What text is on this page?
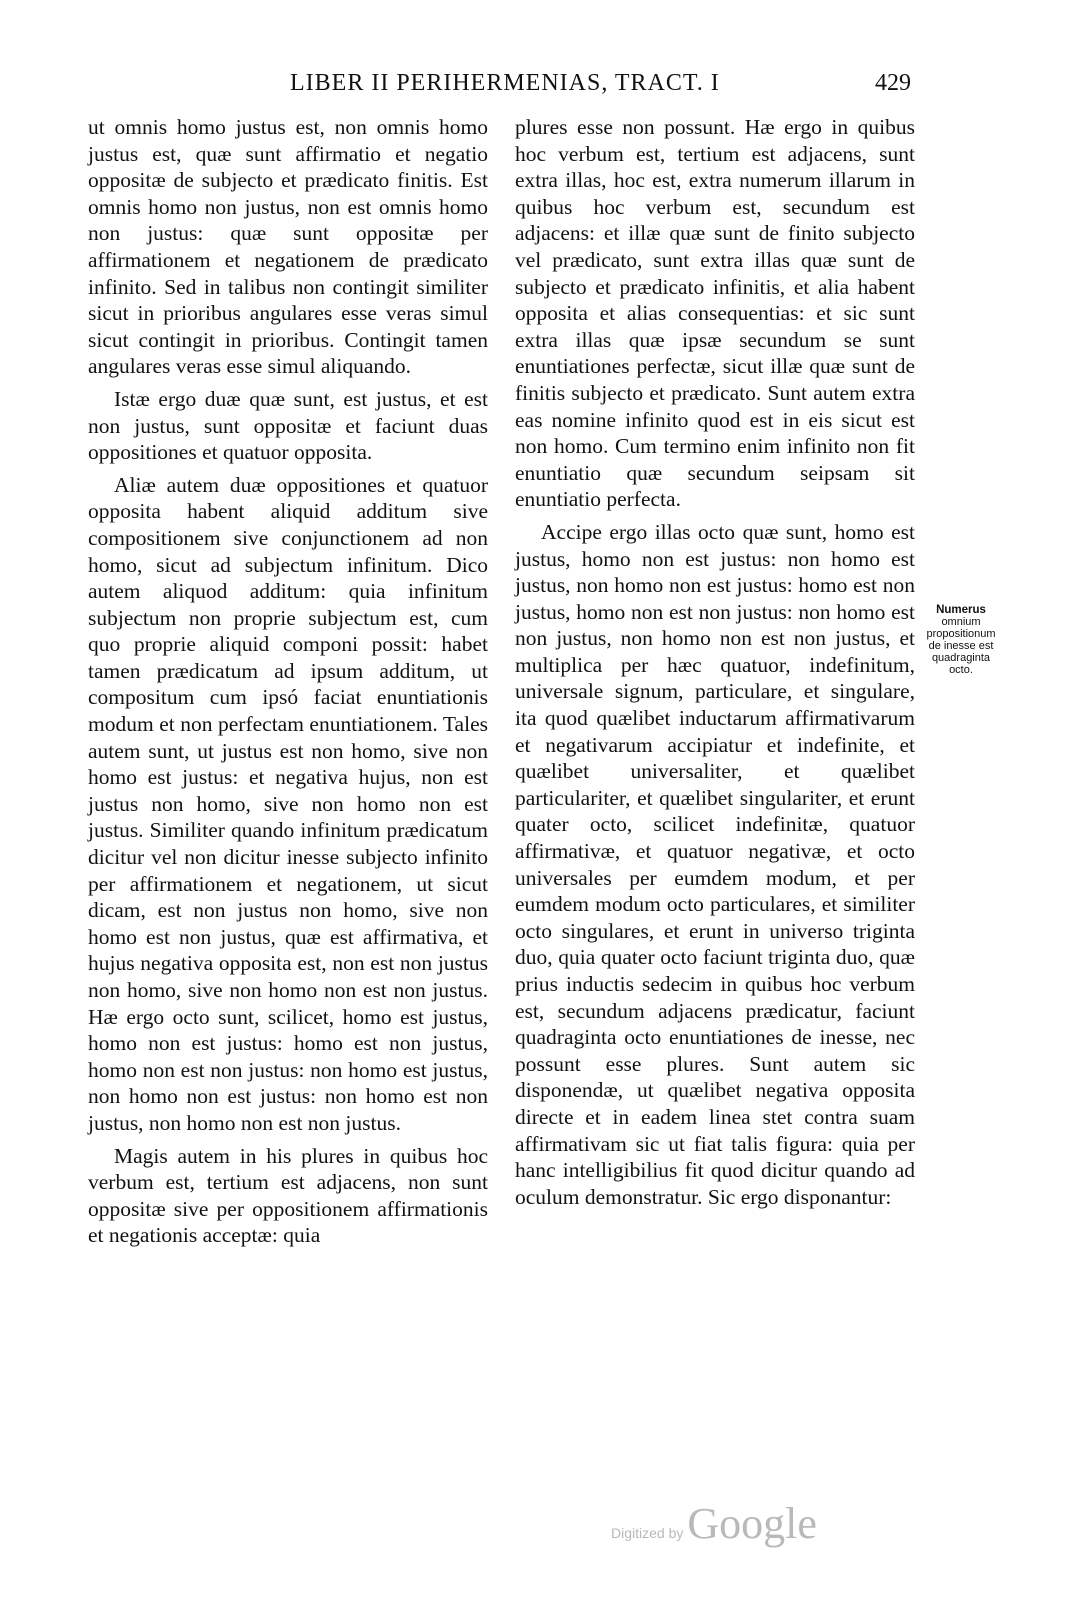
LIBER II PERIHERMENIAS, TRACT. I	429

ut omnis homo justus est, non omnis homo justus est, quæ sunt affirmatio et negatio oppositæ de subjecto et prædicato finitis. Est omnis homo non justus, non est omnis homo non justus: quæ sunt oppositæ per affirmationem et negationem de prædicato infinito. Sed in talibus non contingit similiter sicut in prioribus angulares esse veras simul sicut contingit in prioribus. Contingit tamen angulares veras esse simul aliquando.

Istæ ergo duæ quæ sunt, est justus, et est non justus, sunt oppositæ et faciunt duas oppositiones et quatuor opposita.

Aliæ autem duæ oppositiones et quatuor opposita habent aliquid additum sive compositionem sive conjunctionem ad non homo, sicut ad subjectum infinitum. Dico autem aliquod additum: quia infinitum subjectum non proprie subjectum est, cum quo proprie aliquid componi possit: habet tamen prædicatum ad ipsum additum, ut compositum cum ipsó faciat enuntiationis modum et non perfectam enuntiationem. Tales autem sunt, ut justus est non homo, sive non homo est justus: et negativa hujus, non est justus non homo, sive non homo non est justus. Similiter quando infinitum prædicatum dicitur vel non dicitur inesse subjecto infinito per affirmationem et negationem, ut sicut dicam, est non justus non homo, sive non homo est non justus, quæ est affirmativa, et hujus negativa opposita est, non est non justus non homo, sive non homo non est non justus. Hæ ergo octo sunt, scilicet, homo est justus, homo non est justus: homo est non justus, homo non est non justus: non homo est justus, non homo non est justus: non homo est non justus, non homo non est non justus.

Magis autem in his plures in quibus hoc verbum est, tertium est adjacens, non sunt oppositæ sive per oppositionem affirmationis et negationis acceptæ: quia

plures esse non possunt. Hæ ergo in quibus hoc verbum est, tertium est adjacens, sunt extra illas, hoc est, extra numerum illarum in quibus hoc verbum est, secundum est adjacens: et illæ quæ sunt de finito subjecto vel prædicato, sunt extra illas quæ sunt de subjecto et prædicato infinitis, et alia habent opposita et alias consequentias: et sic sunt extra illas quæ ipsæ secundum se sunt enuntiationes perfectæ, sicut illæ quæ sunt de finitis subjecto et prædicato. Sunt autem extra eas nomine infinito quod est in eis sicut est non homo. Cum termino enim infinito non fit enuntiatio quæ secundum seipsam sit enuntiatio perfecta.

Accipe ergo illas octo quæ sunt, homo est justus, homo non est justus: non homo est justus, non homo non est justus: homo est non justus, homo non est non justus: non homo est non justus, non homo non est non justus, et multiplica per hæc quatuor, indefinitum, universale signum, particulare, et singulare, ita quod quælibet inductarum affirmativarum et negativarum accipiatur et indefinite, et quælibet universaliter, et quælibet particulariter, et quælibet singulariter, et erunt quater octo, scilicet indefinitæ, quatuor affirmativæ, et quatuor negativæ, et octo universales per eumdem modum, et per eumdem modum octo particulares, et similiter octo singulares, et erunt in universo triginta duo, quia quater octo faciunt triginta duo, quæ prius inductis sedecim in quibus hoc verbum est, secundum adjacens prædicatur, faciunt quadraginta octo enuntiationes de inesse, nec possunt esse plures. Sunt autem sic disponendæ, ut quælibet negativa opposita directe et in eadem linea stet contra suam affirmativam sic ut fiat talis figura: quia per hanc intelligibilius fit quod dicitur quando ad oculum demonstratur. Sic ergo disponantur:

Numerus
omnium propositionum de inesse est quadraginta octo.
Digitized by Google
